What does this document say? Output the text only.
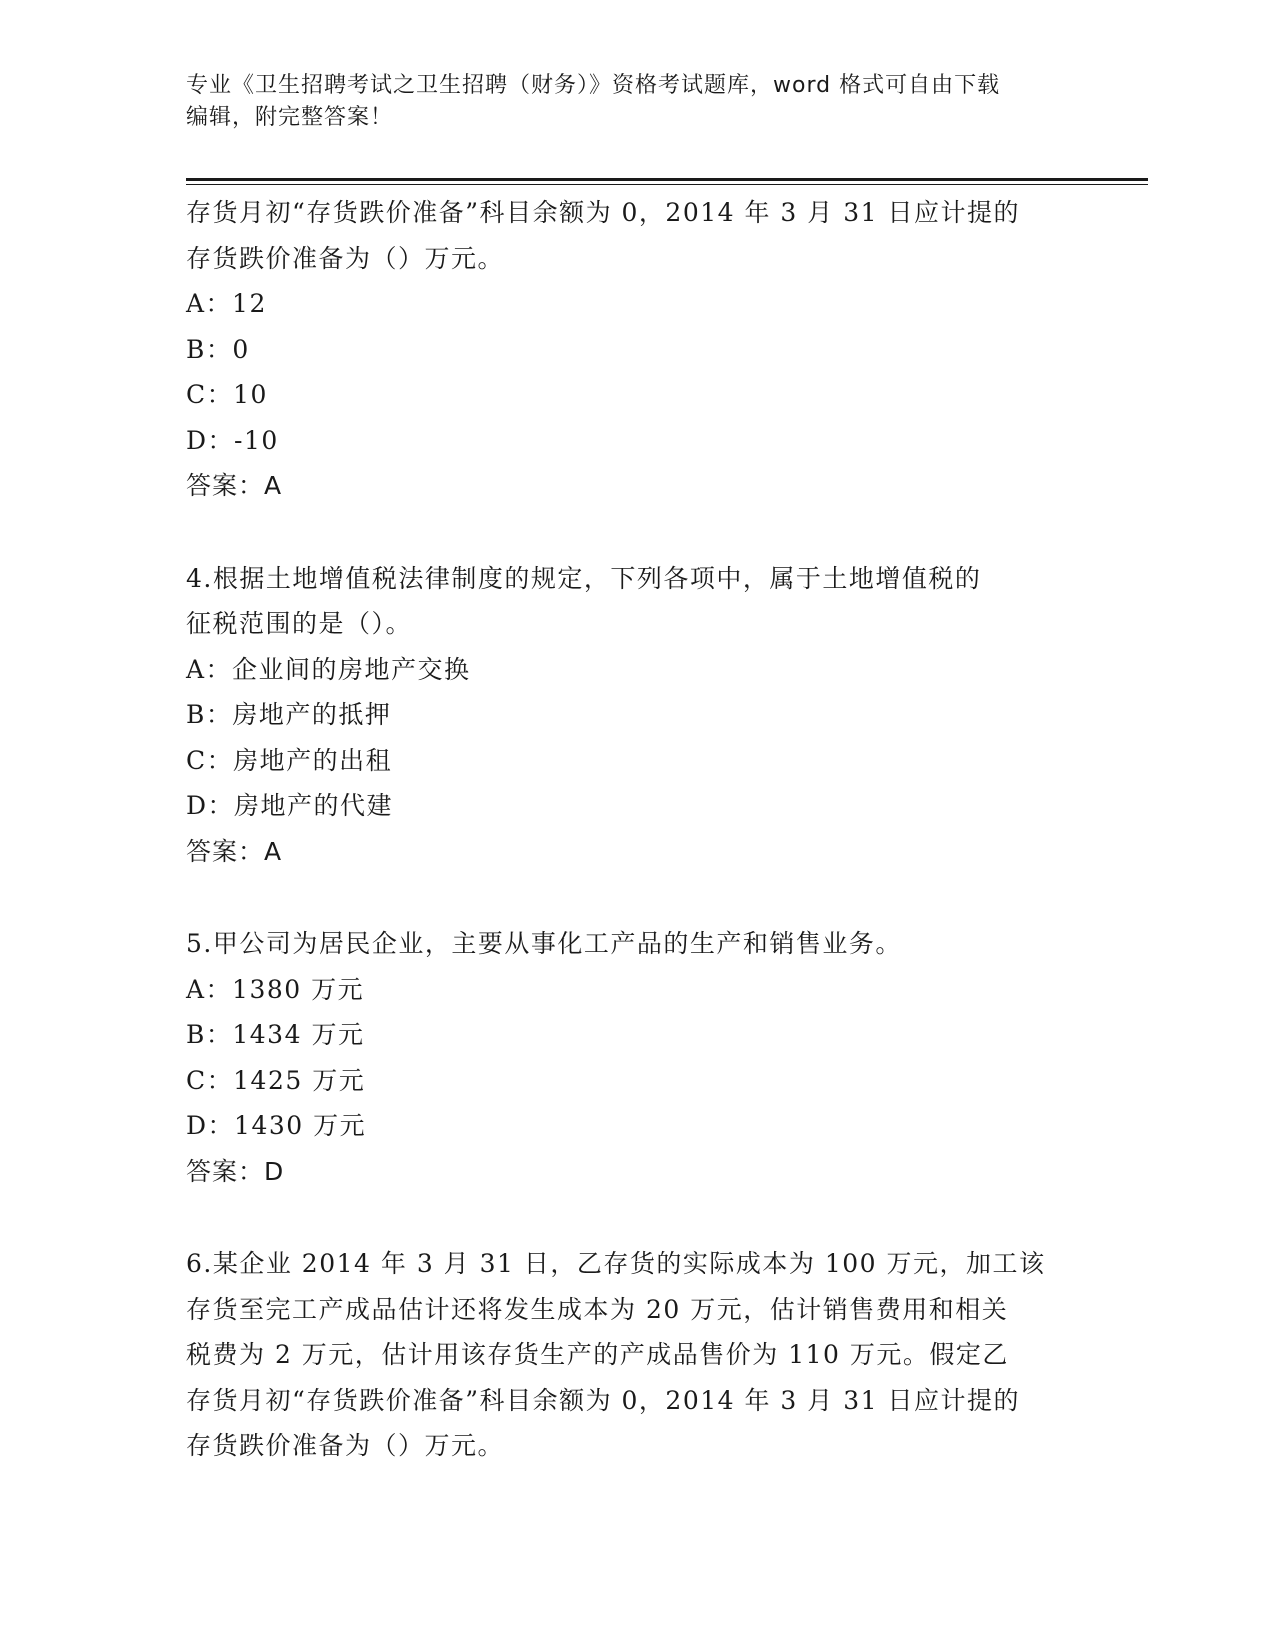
专业《卫生招聘考试之卫生招聘（财务）》资格考试题库，word 格式可自由下载
编辑，附完整答案！
存货月初“存货跌价准备”科目余额为 0，2014 年 3 月 31 日应计提的
存货跌价准备为（）万元。
A：12
B：0
C：10
D：-10
答案：A
4.根据土地增值税法律制度的规定，下列各项中，属于土地增值税的
征税范围的是（）。
A：企业间的房地产交换
B：房地产的抵押
C：房地产的出租
D：房地产的代建
答案：A
5.甲公司为居民企业，主要从事化工产品的生产和销售业务。
A：1380 万元
B：1434 万元
C：1425 万元
D：1430 万元
答案：D
6.某企业 2014 年 3 月 31 日，乙存货的实际成本为 100 万元，加工该
存货至完工产成品估计还将发生成本为 20 万元，估计销售费用和相关
税费为 2 万元，估计用该存货生产的产成品售价为 110 万元。假定乙
存货月初“存货跌价准备”科目余额为 0，2014 年 3 月 31 日应计提的
存货跌价准备为（）万元。
